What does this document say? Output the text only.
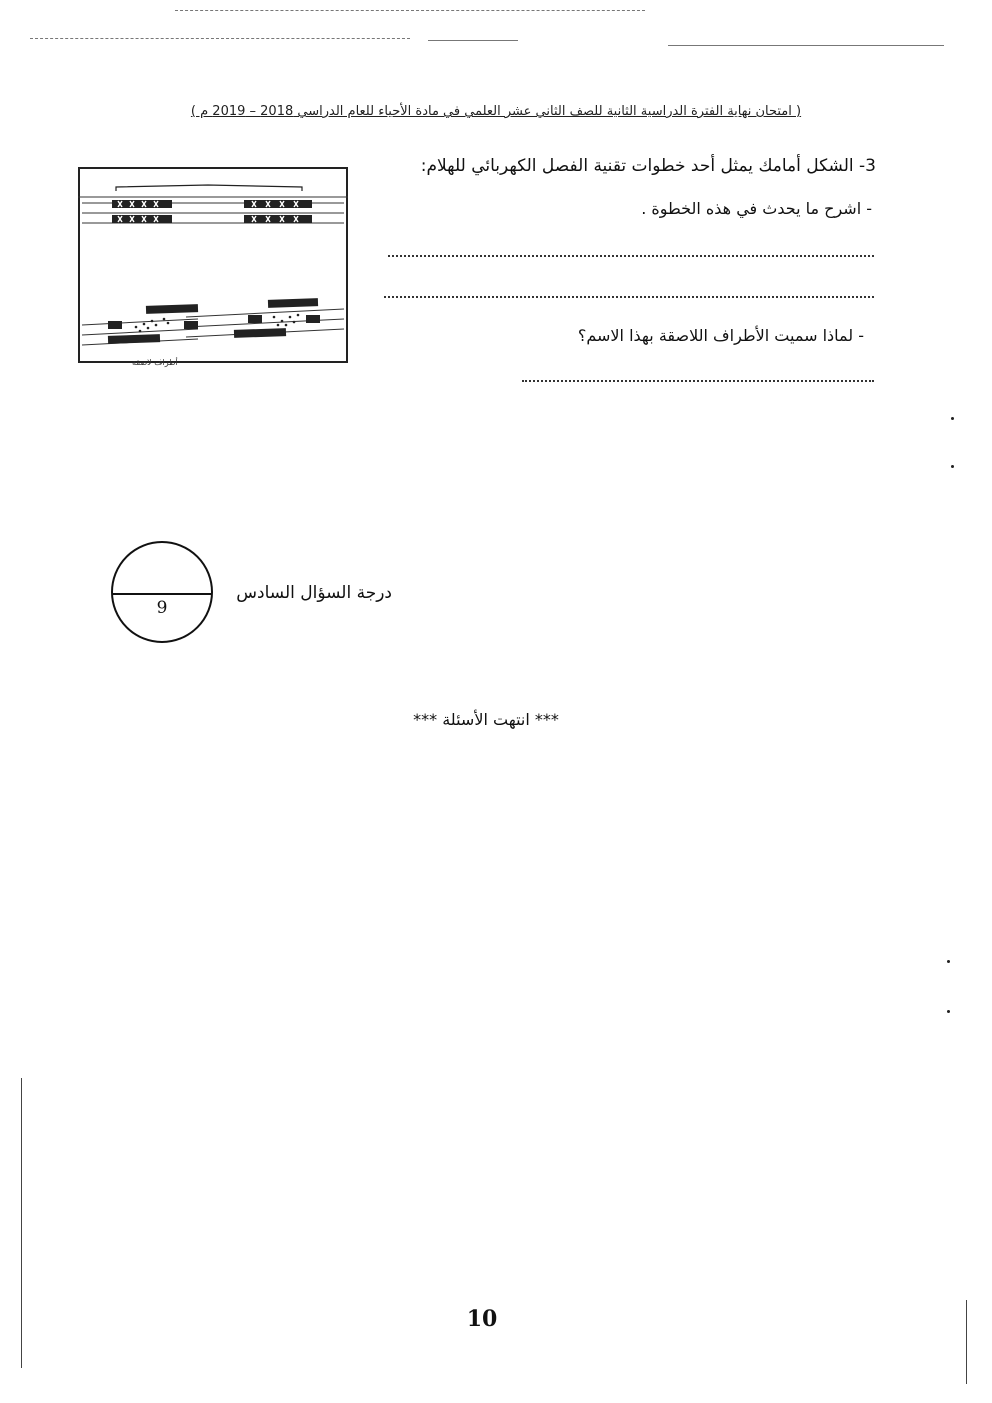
( امتحان نهاية الفترة الدراسية الثانية للصف الثاني عشر العلمي في مادة الأحياء للعام الدراسي 2018 – 2019 م )
3- الشكل أمامك يمثل أحد خطوات تقنية الفصل الكهربائي للهلام:
- اشرح ما يحدث في هذه الخطوة .
- لماذا سميت الأطراف اللاصقة بهذا الاسم؟
أطراف لاصقة
درجة السؤال السادس
9
*** انتهت الأسئلة ***
10
